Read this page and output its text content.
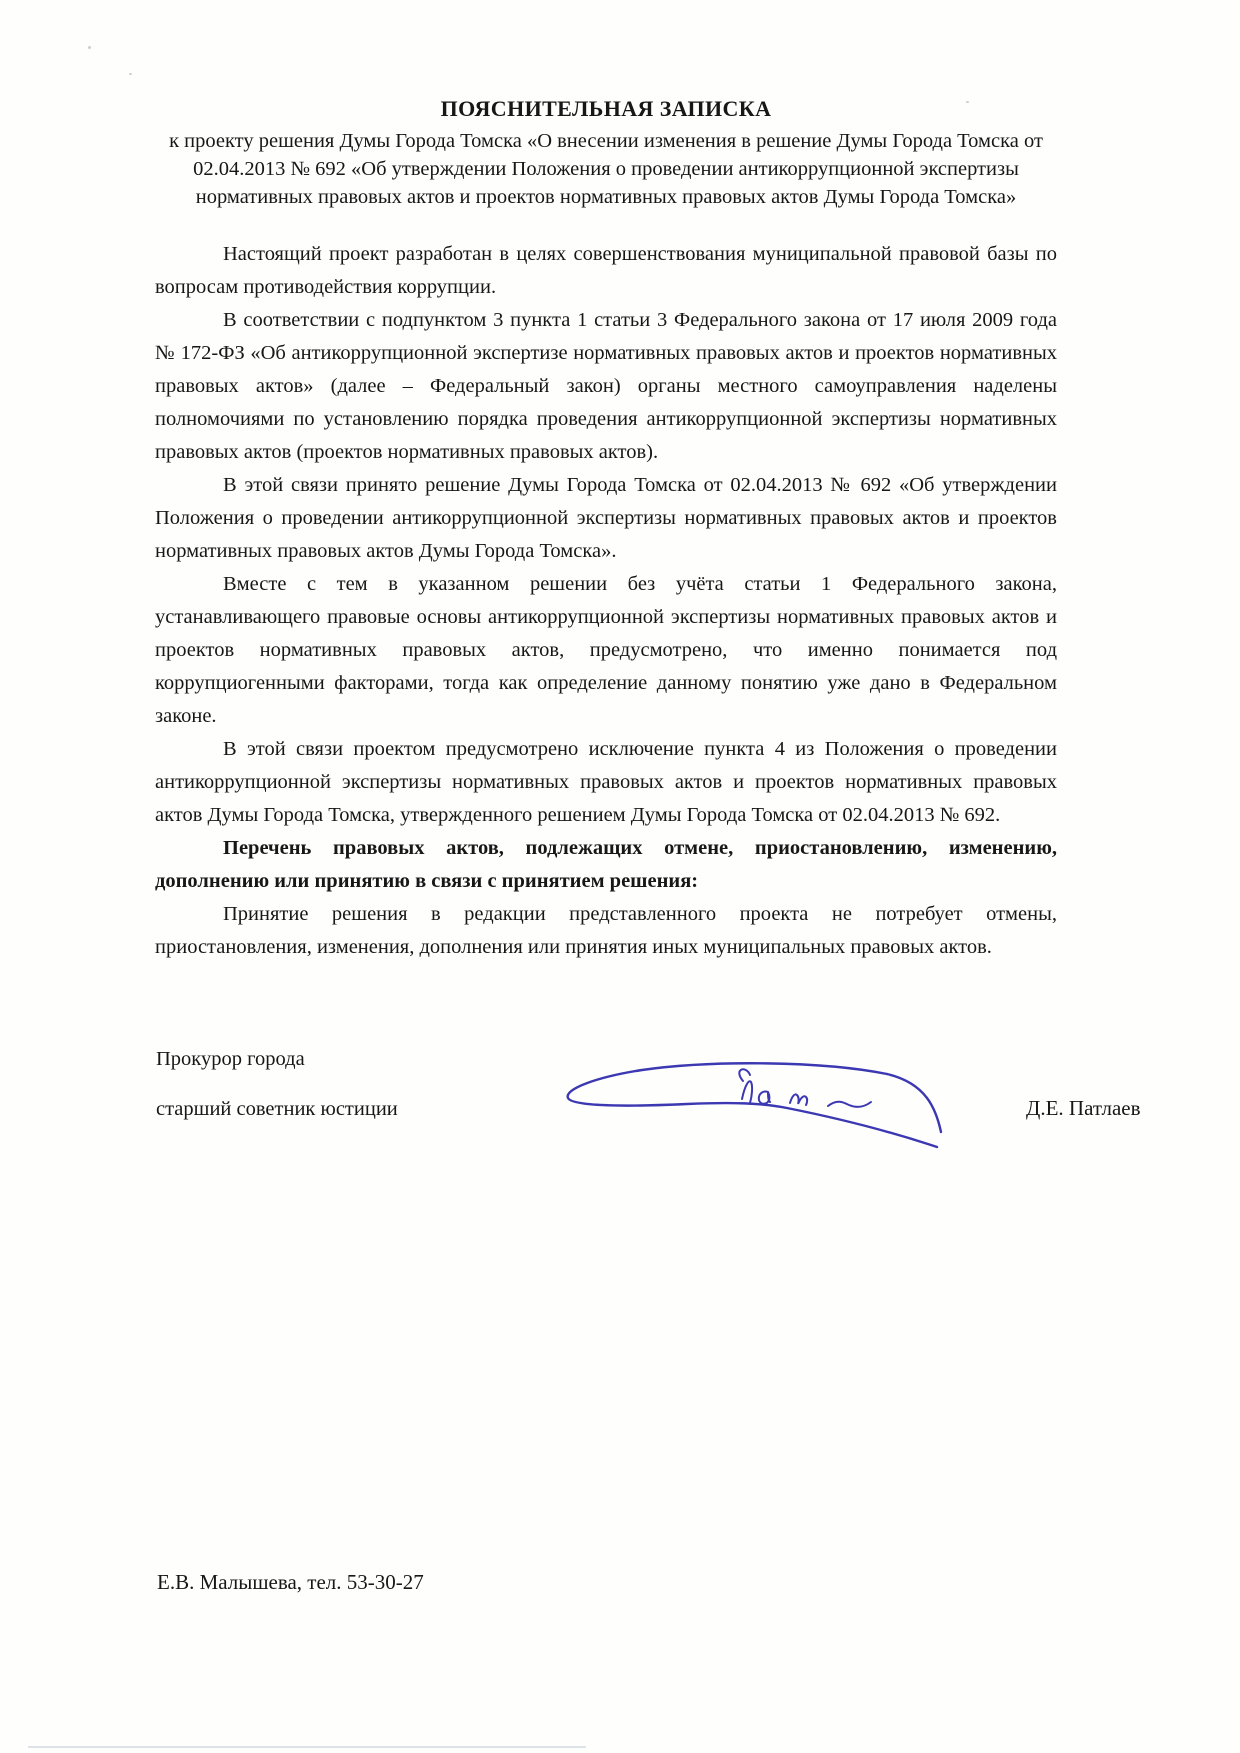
ПОЯСНИТЕЛЬНАЯ ЗАПИСКА
к проекту решения Думы Города Томска «О внесении изменения в решение Думы Города Томска от 02.04.2013 № 692 «Об утверждении Положения о проведении антикоррупционной экспертизы нормативных правовых актов и проектов нормативных правовых актов Думы Города Томска»

Настоящий проект разработан в целях совершенствования муниципальной правовой базы по вопросам противодействия коррупции.

В соответствии с подпунктом 3 пункта 1 статьи 3 Федерального закона от 17 июля 2009 года № 172-ФЗ «Об антикоррупционной экспертизе нормативных правовых актов и проектов нормативных правовых актов» (далее – Федеральный закон) органы местного самоуправления наделены полномочиями по установлению порядка проведения антикоррупционной экспертизы нормативных правовых актов (проектов нормативных правовых актов).

В этой связи принято решение Думы Города Томска от 02.04.2013 № 692 «Об утверждении Положения о проведении антикоррупционной экспертизы нормативных правовых актов и проектов нормативных правовых актов Думы Города Томска».

Вместе с тем в указанном решении без учёта статьи 1 Федерального закона, устанавливающего правовые основы антикоррупционной экспертизы нормативных правовых актов и проектов нормативных правовых актов, предусмотрено, что именно понимается под коррупциогенными факторами, тогда как определение данному понятию уже дано в Федеральном законе.

В этой связи проектом предусмотрено исключение пункта 4 из Положения о проведении антикоррупционной экспертизы нормативных правовых актов и проектов нормативных правовых актов Думы Города Томска, утвержденного решением Думы Города Томска от 02.04.2013 № 692.

Перечень правовых актов, подлежащих отмене, приостановлению, изменению, дополнению или принятию в связи с принятием решения:

Принятие решения в редакции представленного проекта не потребует отмены, приостановления, изменения, дополнения или принятия иных муниципальных правовых актов.

Прокурор города
старший советник юстиции	Д.Е. Патлаев
Е.В. Малышева, тел. 53-30-27
